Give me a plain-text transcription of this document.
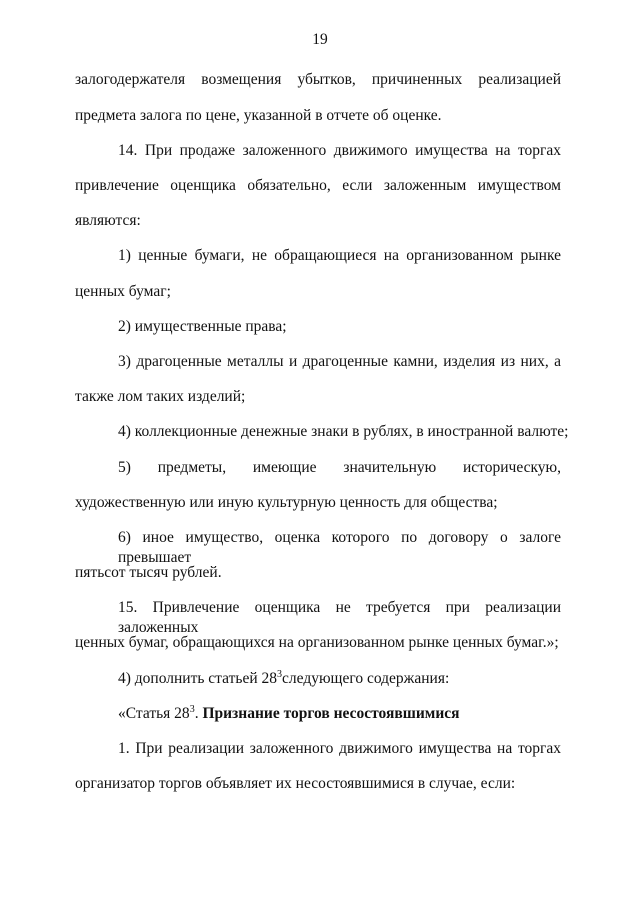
19
залогодержателя возмещения убытков, причиненных реализацией
предмета залога по цене, указанной в отчете об оценке.
14. При продаже заложенного движимого имущества на торгах
привлечение оценщика обязательно, если заложенным имуществом
являются:
1) ценные бумаги, не обращающиеся на организованном рынке
ценных бумаг;
2) имущественные права;
3) драгоценные металлы и драгоценные камни, изделия из них, а
также лом таких изделий;
4) коллекционные денежные знаки в рублях, в иностранной валюте;
5) предметы, имеющие значительную историческую,
художественную или иную культурную ценность для общества;
6) иное имущество, оценка которого по договору о залоге превышает
пятьсот тысяч рублей.
15. Привлечение оценщика не требуется при реализации заложенных
ценных бумаг, обращающихся на организованном рынке ценных бумаг.»;
4) дополнить статьей $28^3следующего$ содержания:
«Статья $28^3$. Признание торгов несостоявшимися
1. При реализации заложенного движимого имущества на торгах
организатор торгов объявляет их несостоявшимися в случае, если:
